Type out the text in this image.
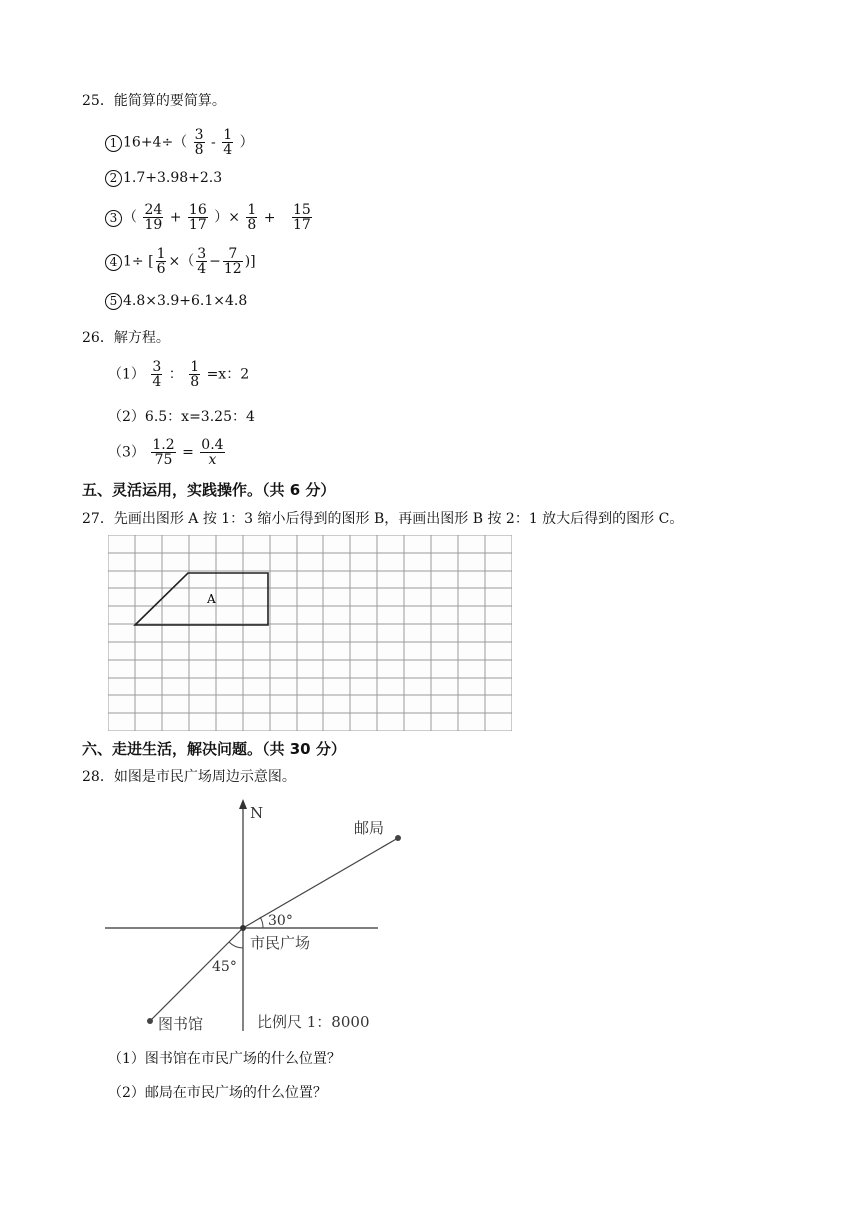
25．能简算的要简算。
1 $16+4\div( \frac{3}{8} - \frac{1}{4}$ ）
2 1.7+3.98+2.3
3 （ $\frac{24}{19} + \frac{16}{17}$ ）× $\frac{1}{8} + \frac{15}{17}$
4 1÷ [ $\frac{1}{6}$ ×（ $\frac{3}{4} - \frac{7}{12}$ )]
5 4.8×3.9+6.1×4.8
26．解方程。
$(1) \frac{3}{4}$ ： $\frac{1}{8} =x$：2
（2）6.5：x=3.25：4
$(3) \frac{1.2}{75} = \frac{0.4}{x}$
五、灵活运用，实践操作。（共 6 分）
27．先画出图形 A 按 1：3 缩小后得到的图形 B，再画出图形 B 按 2：1 放大后得到的图形 C。
A
六、走进生活，解决问题。（共 30 分）
28．如图是市民广场周边示意图。
N
邮局
图书馆
市民广场
30°
45°
比例尺 1：8000
（1）图书馆在市民广场的什么位置？
（2）邮局在市民广场的什么位置？
